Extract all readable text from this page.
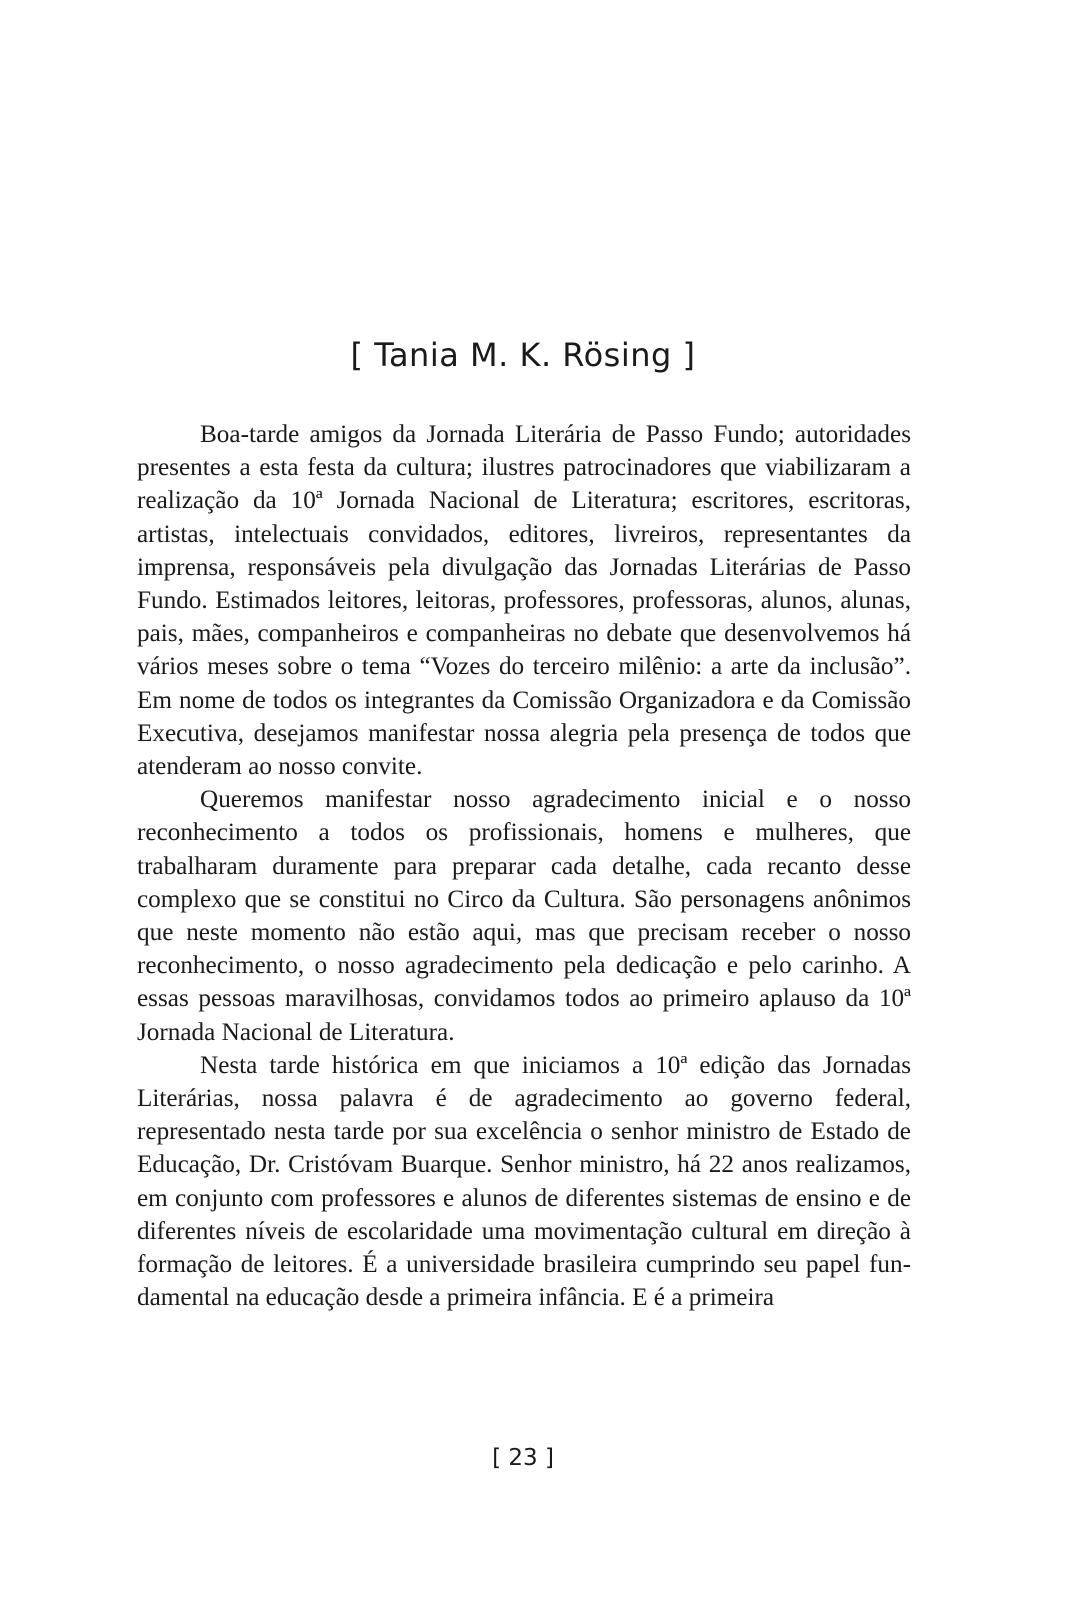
[ Tania M. K. Rösing ]

Boa-tarde amigos da Jornada Literária de Passo Fundo; autoridades presentes a esta festa da cultura; ilustres patrocinadores que viabilizaram a realização da 10ª Jornada Nacional de Literatura; escritores, escritoras, artistas, intelectuais convidados, editores, livreiros, representantes da imprensa, responsáveis pela divulgação das Jornadas Literárias de Passo Fundo. Estimados leitores, leitoras, professores, professoras, alunos, alunas, pais, mães, companheiros e companheiras no debate que desenvolvemos há vários meses sobre o tema “Vozes do terceiro milênio: a arte da inclusão”. Em nome de todos os integrantes da Comissão Organizadora e da Comissão Executiva, desejamos manifestar nossa alegria pela presença de todos que atenderam ao nosso convite.

Queremos manifestar nosso agradecimento inicial e o nosso reconhecimento a todos os profissionais, homens e mulheres, que trabalharam duramente para preparar cada detalhe, cada recanto desse complexo que se constitui no Circo da Cultura. São personagens anônimos que neste momento não estão aqui, mas que precisam receber o nosso reconhecimento, o nosso agradecimento pela dedicação e pelo carinho. A essas pessoas maravilhosas, convidamos todos ao primeiro aplauso da 10ª Jornada Nacional de Literatura.

Nesta tarde histórica em que iniciamos a 10ª edição das Jornadas Literárias, nossa palavra é de agradecimento ao governo federal, representado nesta tarde por sua excelência o senhor ministro de Estado de Educação, Dr. Cristóvam Buarque. Senhor ministro, há 22 anos realizamos, em conjunto com professores e alunos de diferentes sistemas de ensino e de diferentes níveis de escolaridade uma movimentação cultural em direção à formação de leitores. É a universidade brasileira cumprindo seu papel fundamental na educação desde a primeira infância. E é a primeira

[ 23 ]
